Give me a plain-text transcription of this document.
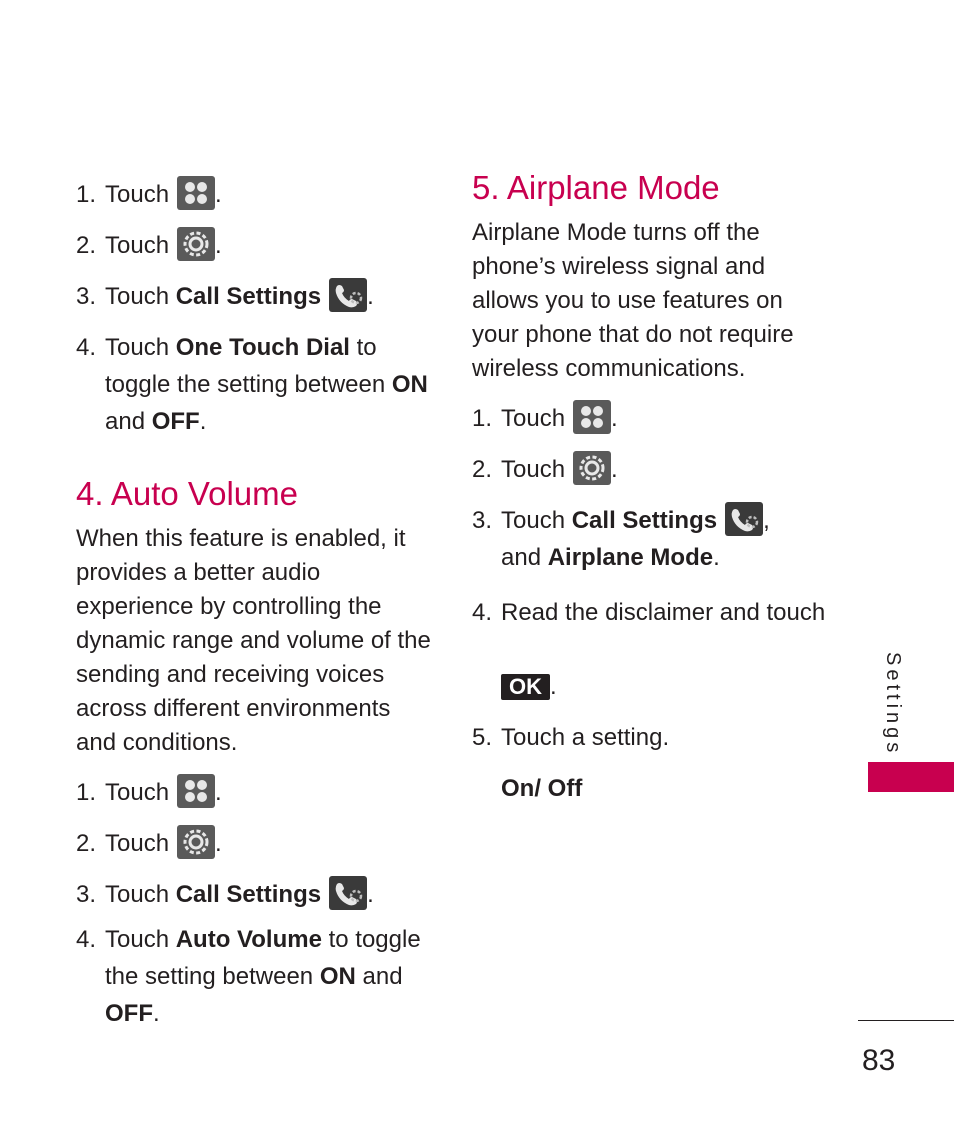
1. Touch .

2. Touch .

3. Touch Call Settings .

4. Touch One Touch Dial to toggle the setting between ON and OFF.

4. Auto Volume

When this feature is enabled, it provides a better audio experience by controlling the dynamic range and volume of the sending and receiving voices across different environments and conditions.

1. Touch .

2. Touch .

3. Touch Call Settings .

4. Touch Auto Volume to toggle the setting between ON and OFF.

5. Airplane Mode

Airplane Mode turns off the phone’s wireless signal and allows you to use features on your phone that do not require wireless communications.

1. Touch .

2. Touch .

3. Touch Call Settings ,
and Airplane Mode.

4. Read the disclaimer and touch

OK .

5. Touch a setting.

On/ Off

Settings
83
